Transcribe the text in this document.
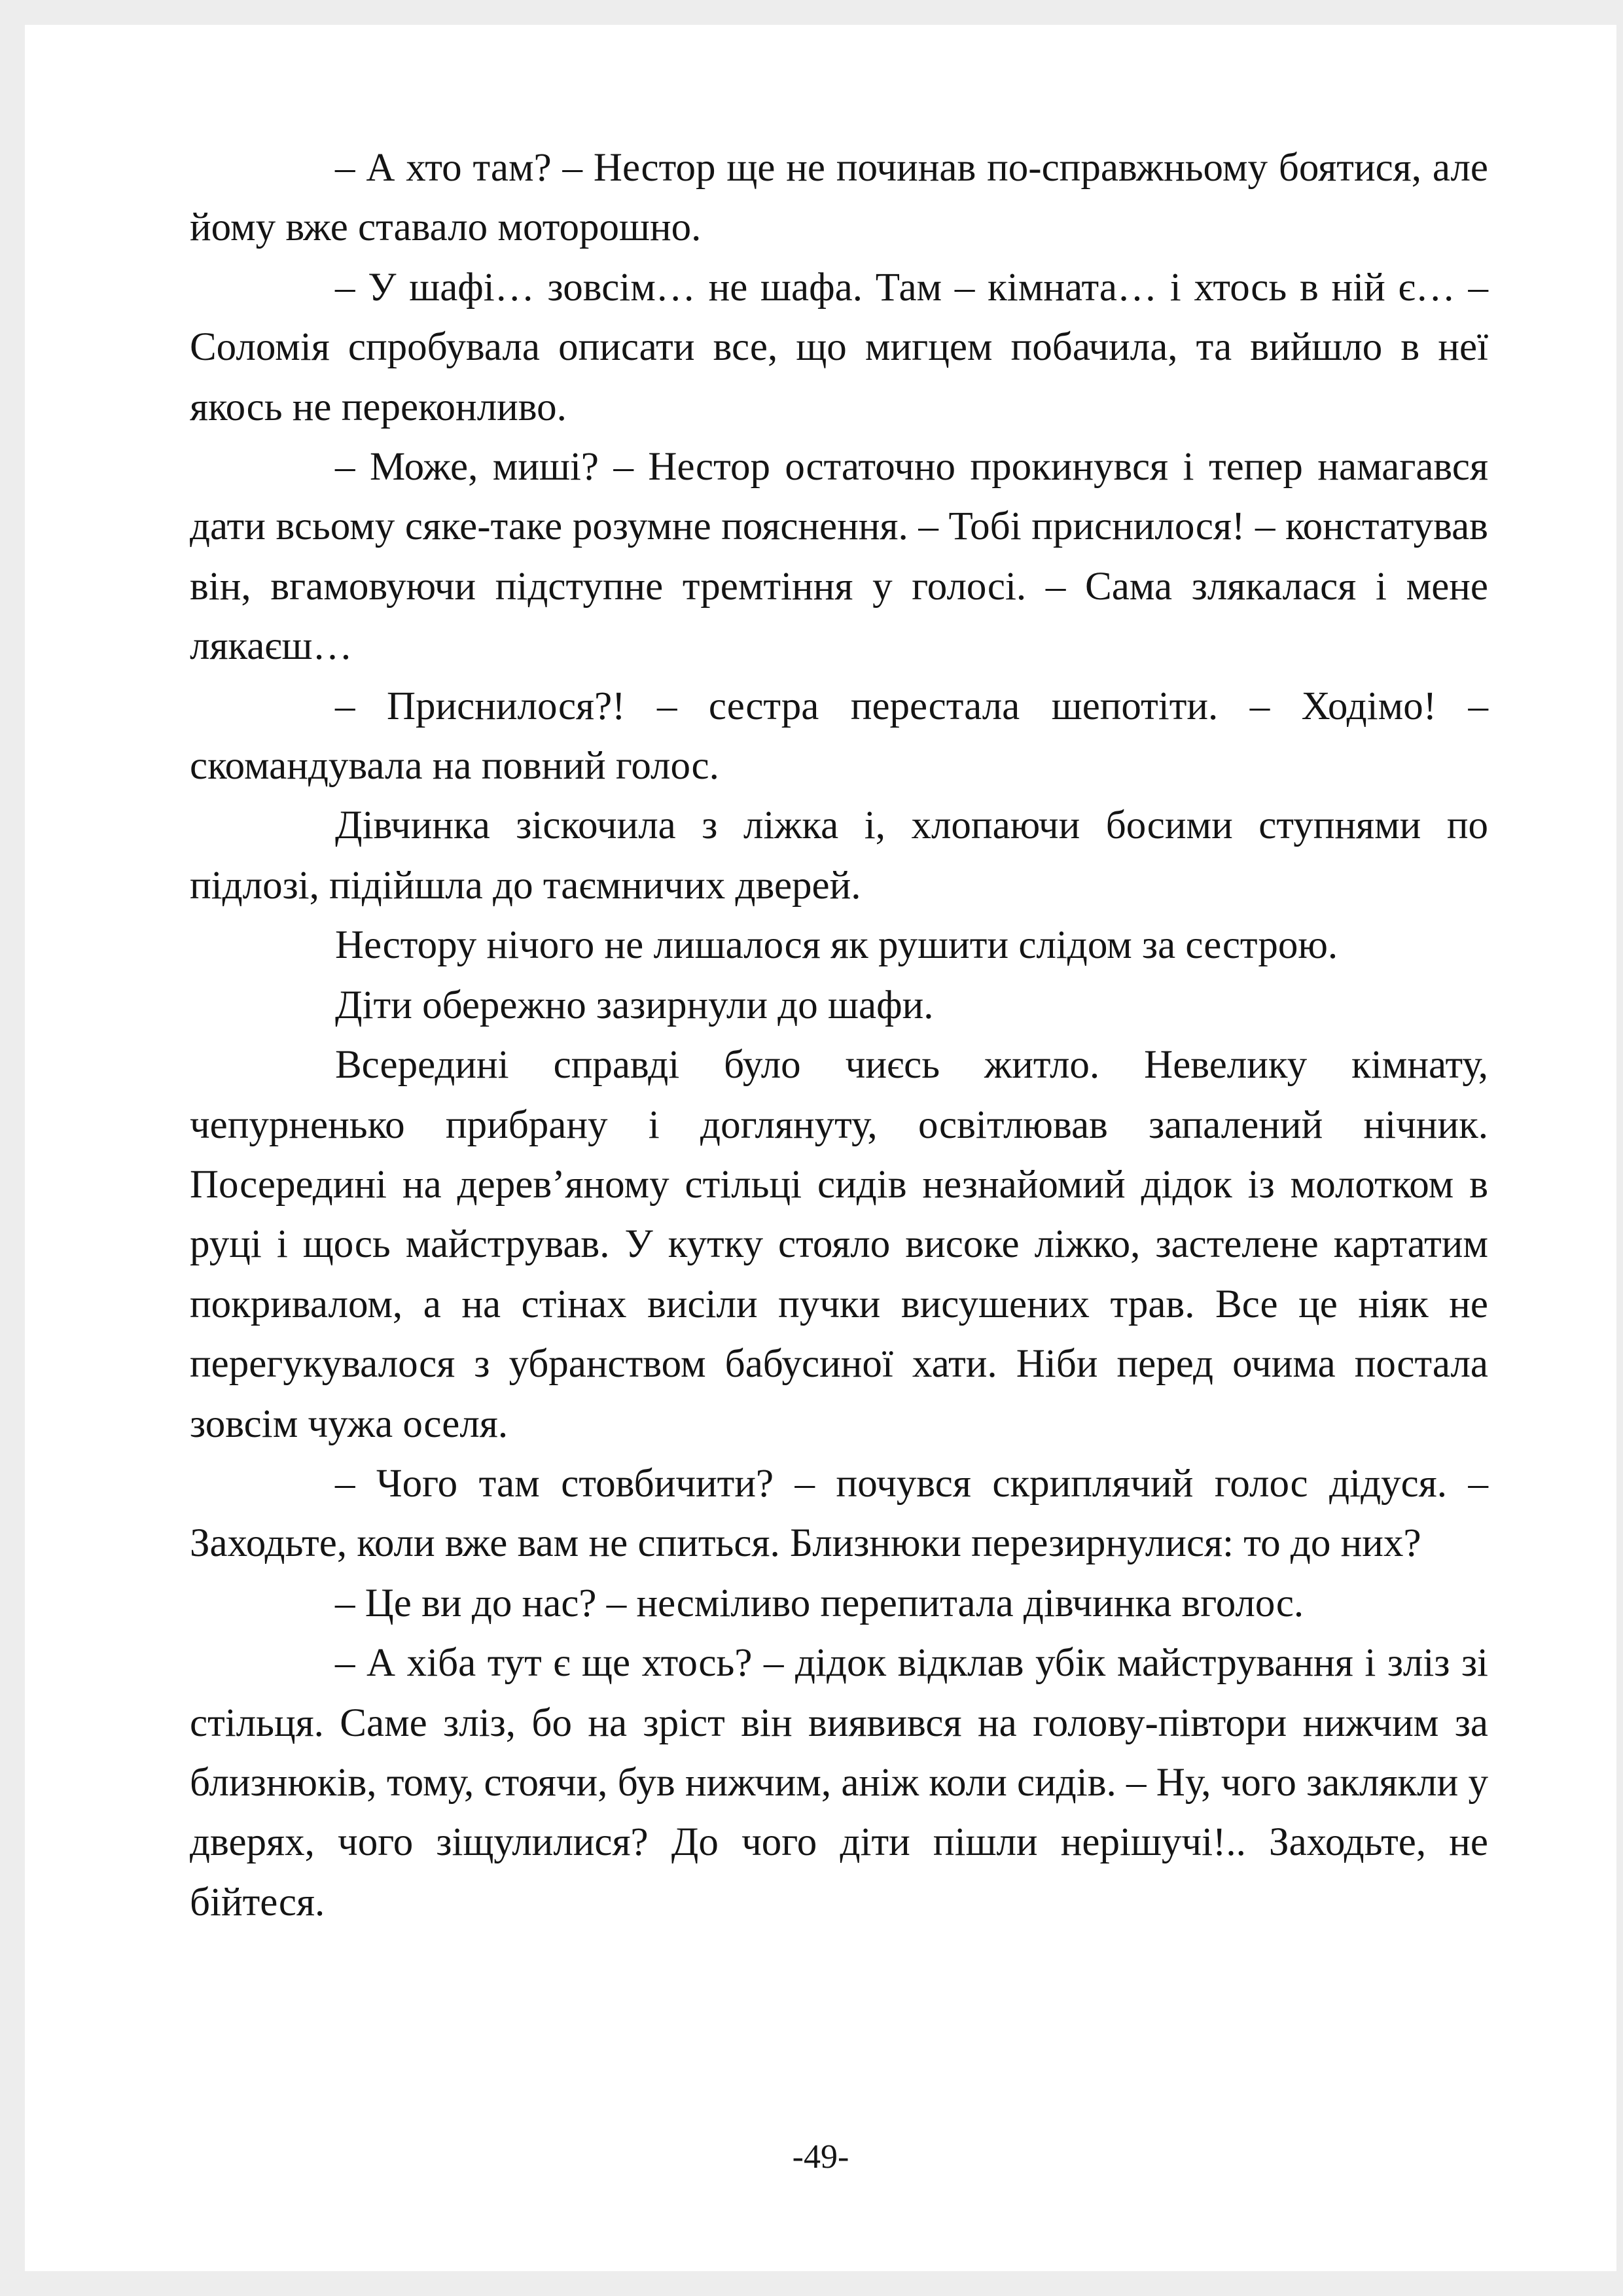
– А хто там? – Нестор ще не починав по-справжньому боятися, але йому вже ставало моторошно.

– У шафі… зовсім… не шафа. Там – кімната… і хтось в ній є… – Соломія спробувала описати все, що мигцем побачила, та вийшло в неї якось не переконливо.

– Може, миші? – Нестор остаточно прокинувся і тепер намагався дати всьому сяке-таке розумне пояснення. – Тобі приснилося! – констатував він, вгамовуючи підступне тремтіння у голосі. – Сама злякалася і мене лякаєш…

– Приснилося?! – сестра перестала шепотіти. – Ходімо! – скомандувала на повний голос.

Дівчинка зіскочила з ліжка і, хлопаючи босими ступнями по підлозі, підійшла до таємничих дверей.

Нестору нічого не лишалося як рушити слідом за сестрою.

Діти обережно зазирнули до шафи.

Всередині справді було чиєсь житло. Невелику кімнату, чепурненько прибрану і доглянуту, освітлював запалений нічник. Посередині на дерев’яному стільці сидів незнайомий дідок із молотком в руці і щось майстрував. У кутку стояло високе ліжко, застелене картатим покривалом, а на стінах висіли пучки висушених трав. Все це ніяк не перегукувалося з убранством бабусиної хати. Ніби перед очима постала зовсім чужа оселя.

– Чого там стовбичити? – почувся скриплячий голос дідуся. – Заходьте, коли вже вам не спиться. Близнюки перезирнулися: то до них?

– Це ви до нас? – несміливо перепитала дівчинка вголос.

– А хіба тут є ще хтось? – дідок відклав убік майстрування і зліз зі стільця. Саме зліз, бо на зріст він виявився на голову-півтори нижчим за близнюків, тому, стоячи, був нижчим, аніж коли сидів. – Ну, чого заклякли у дверях, чого зіщулилися? До чого діти пішли нерішучі!.. Заходьте, не бійтеся.

-49-
